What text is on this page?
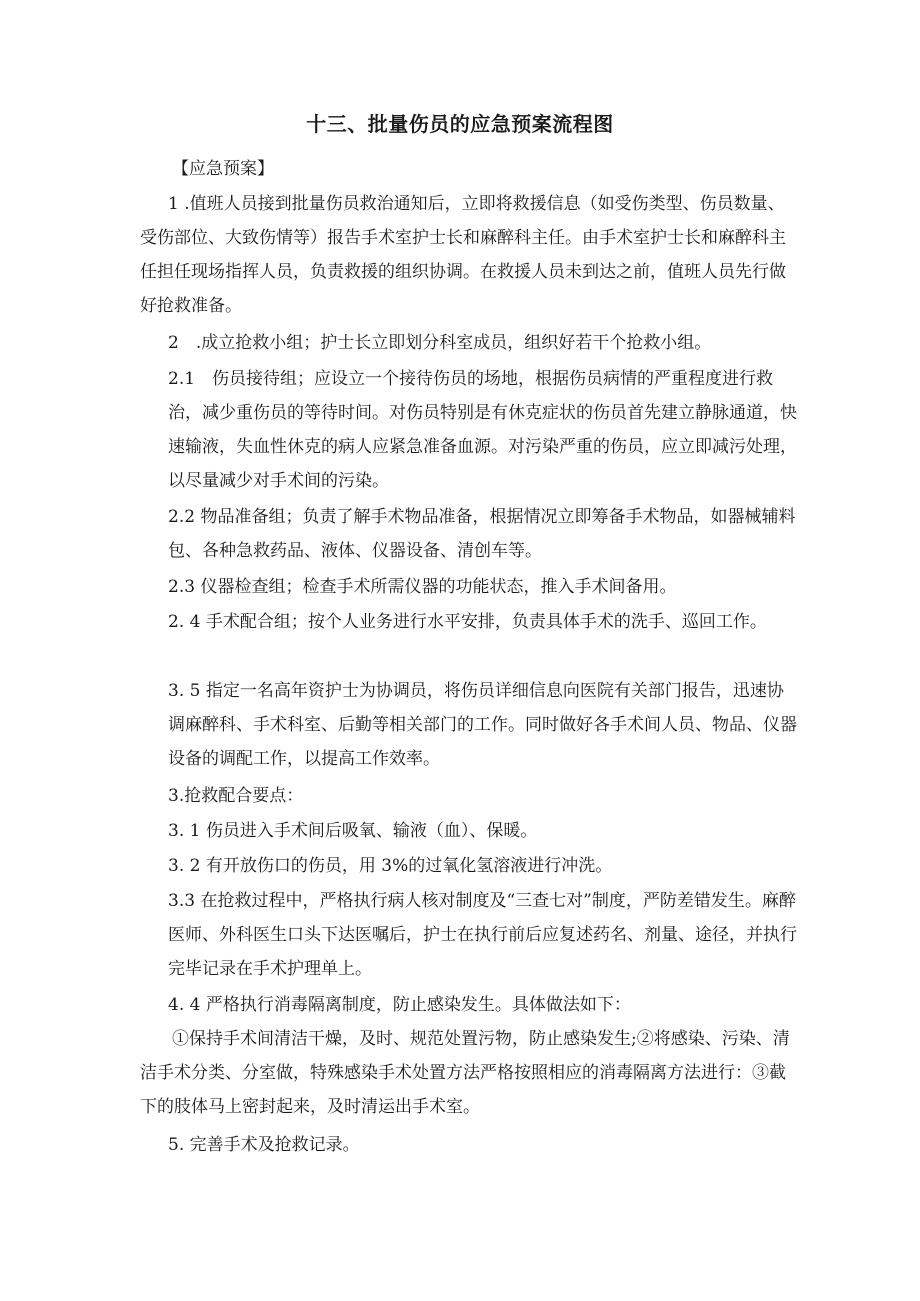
十三、批量伤员的应急预案流程图
【应急预案】
1 .值班人员接到批量伤员救治通知后，立即将救援信息（如受伤类型、伤员数量、受伤部位、大致伤情等）报告手术室护士长和麻醉科主任。由手术室护士长和麻醉科主任担任现场指挥人员，负责救援的组织协调。在救援人员未到达之前，值班人员先行做好抢救准备。
2　.成立抢救小组；护士长立即划分科室成员，组织好若干个抢救小组。
2.1　伤员接待组；应设立一个接待伤员的场地，根据伤员病情的严重程度进行救治，减少重伤员的等待时间。对伤员特别是有休克症状的伤员首先建立静脉通道，快速输液，失血性休克的病人应紧急准备血源。对污染严重的伤员，应立即减污处理，以尽量减少对手术间的污染。
2.2 物品准备组；负责了解手术物品准备，根据情况立即筹备手术物品，如器械辅料包、各种急救药品、液体、仪器设备、清创车等。
2.3 仪器检查组；检查手术所需仪器的功能状态，推入手术间备用。
2. 4 手术配合组；按个人业务进行水平安排，负责具体手术的洗手、巡回工作。
3. 5 指定一名高年资护士为协调员，将伤员详细信息向医院有关部门报告，迅速协调麻醉科、手术科室、后勤等相关部门的工作。同时做好各手术间人员、物品、仪器设备的调配工作，以提高工作效率。
3.抢救配合要点：
3. 1 伤员进入手术间后吸氧、输液（血）、保暖。
3. 2 有开放伤口的伤员，用 3%的过氧化氢溶液进行冲洗。
3.3 在抢救过程中，严格执行病人核对制度及“三查七对”制度，严防差错发生。麻醉医师、外科医生口头下达医嘱后，护士在执行前后应复述药名、剂量、途径，并执行完毕记录在手术护理单上。
4. 4 严格执行消毒隔离制度，防止感染发生。具体做法如下：
①保持手术间清洁干燥，及时、规范处置污物，防止感染发生;②将感染、污染、清洁手术分类、分室做，特殊感染手术处置方法严格按照相应的消毒隔离方法进行：③截下的肢体马上密封起来，及时清运出手术室。
5. 完善手术及抢救记录。
